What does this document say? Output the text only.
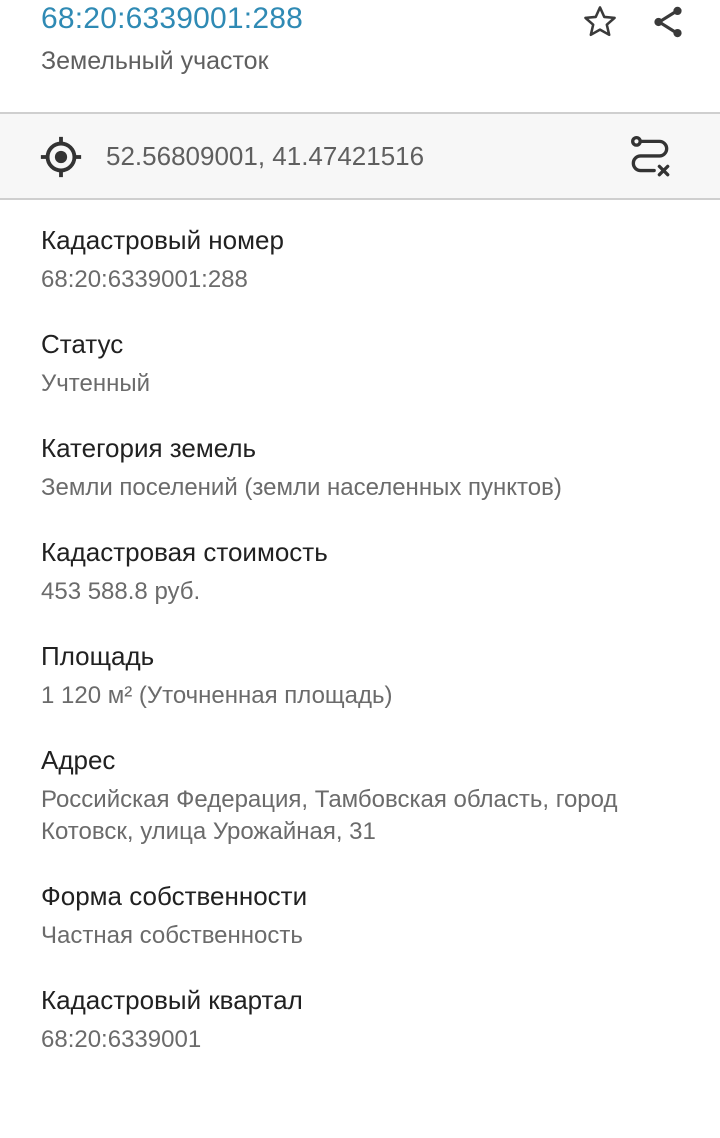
68:20:6339001:288
Земельный участок
52.56809001, 41.47421516
Кадастровый номер
68:20:6339001:288
Статус
Учтенный
Категория земель
Земли поселений (земли населенных пунктов)
Кадастровая стоимость
453 588.8 руб.
Площадь
1 120 м² (Уточненная площадь)
Адрес
Российская Федерация, Тамбовская область, город Котовск, улица Урожайная, 31
Форма собственности
Частная собственность
Кадастровый квартал
68:20:6339001
